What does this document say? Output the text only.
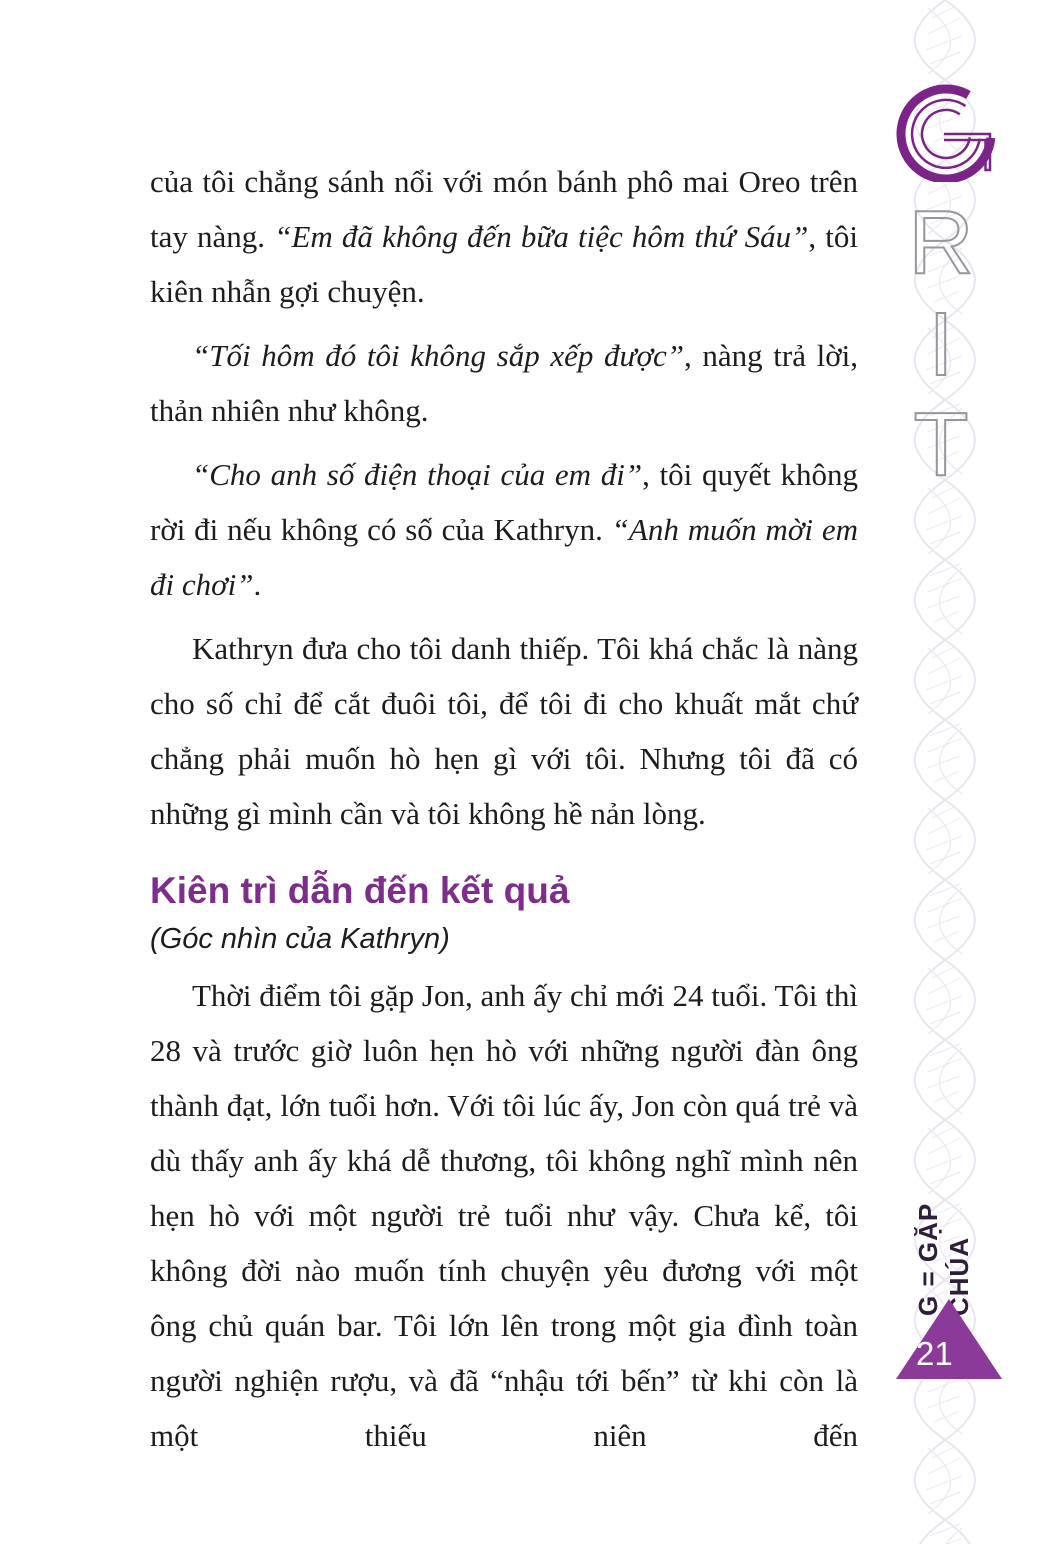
R
I
T
G = GẶP CHÚA
21

của tôi chẳng sánh nổi với món bánh phô mai Oreo trên tay nàng. “Em đã không đến bữa tiệc hôm thứ Sáu”, tôi kiên nhẫn gợi chuyện.

“Tối hôm đó tôi không sắp xếp được”, nàng trả lời, thản nhiên như không.

“Cho anh số điện thoại của em đi”, tôi quyết không rời đi nếu không có số của Kathryn. “Anh muốn mời em đi chơi”.

Kathryn đưa cho tôi danh thiếp. Tôi khá chắc là nàng cho số chỉ để cắt đuôi tôi, để tôi đi cho khuất mắt chứ chẳng phải muốn hò hẹn gì với tôi. Nhưng tôi đã có những gì mình cần và tôi không hề nản lòng.

Kiên trì dẫn đến kết quả

(Góc nhìn của Kathryn)

Thời điểm tôi gặp Jon, anh ấy chỉ mới 24 tuổi. Tôi thì 28 và trước giờ luôn hẹn hò với những người đàn ông thành đạt, lớn tuổi hơn. Với tôi lúc ấy, Jon còn quá trẻ và dù thấy anh ấy khá dễ thương, tôi không nghĩ mình nên hẹn hò với một người trẻ tuổi như vậy. Chưa kể, tôi không đời nào muốn tính chuyện yêu đương với một ông chủ quán bar. Tôi lớn lên trong một gia đình toàn người nghiện rượu, và đã “nhậu tới bến” từ khi còn là một thiếu niên đến
